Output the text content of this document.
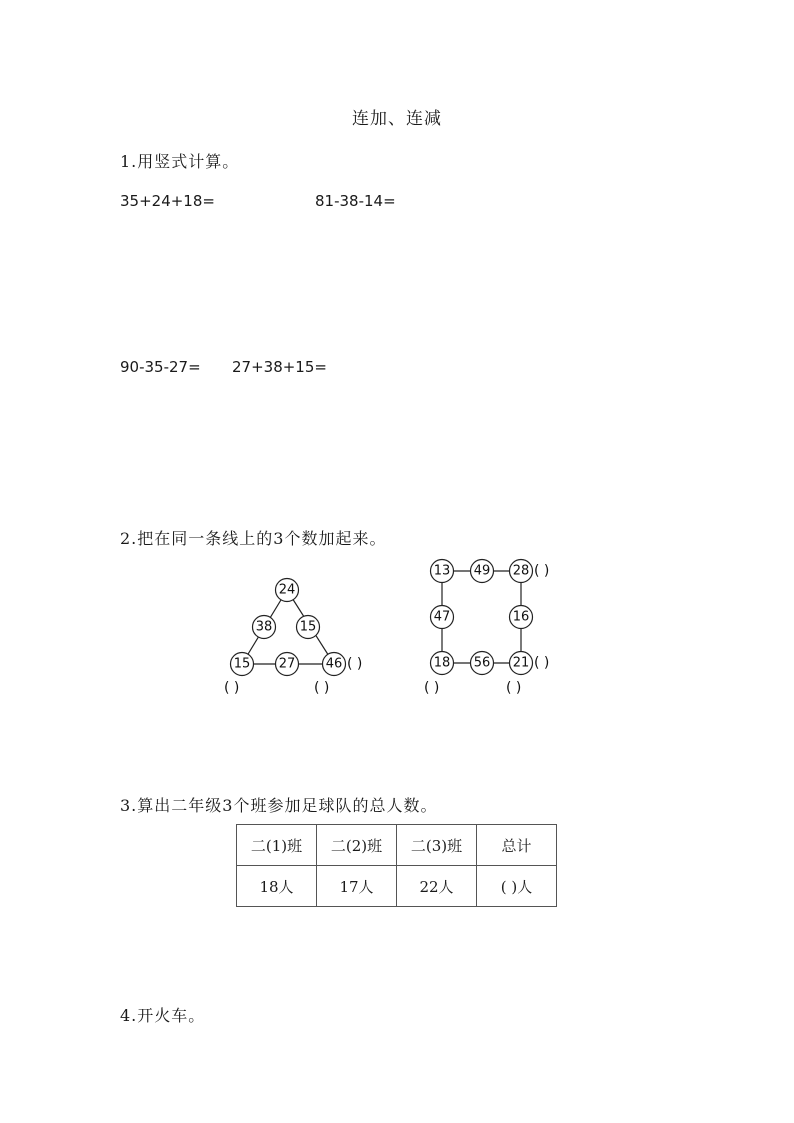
连加、连减
1.用竖式计算。
35+24+18=	81-38-14=
90-35-27= 27+38+15=
2.把在同一条线上的3个数加起来。
24
38 15
15 27 46 ( )
( )	( )
13 49 28
47	16
18 56 21
( )
( )
( )	( )
3.算出二年级3个班参加足球队的总人数。
二(1)班	二(2)班	二(3)班	总计
18人	17人	22人	( )人
4.开火车。
